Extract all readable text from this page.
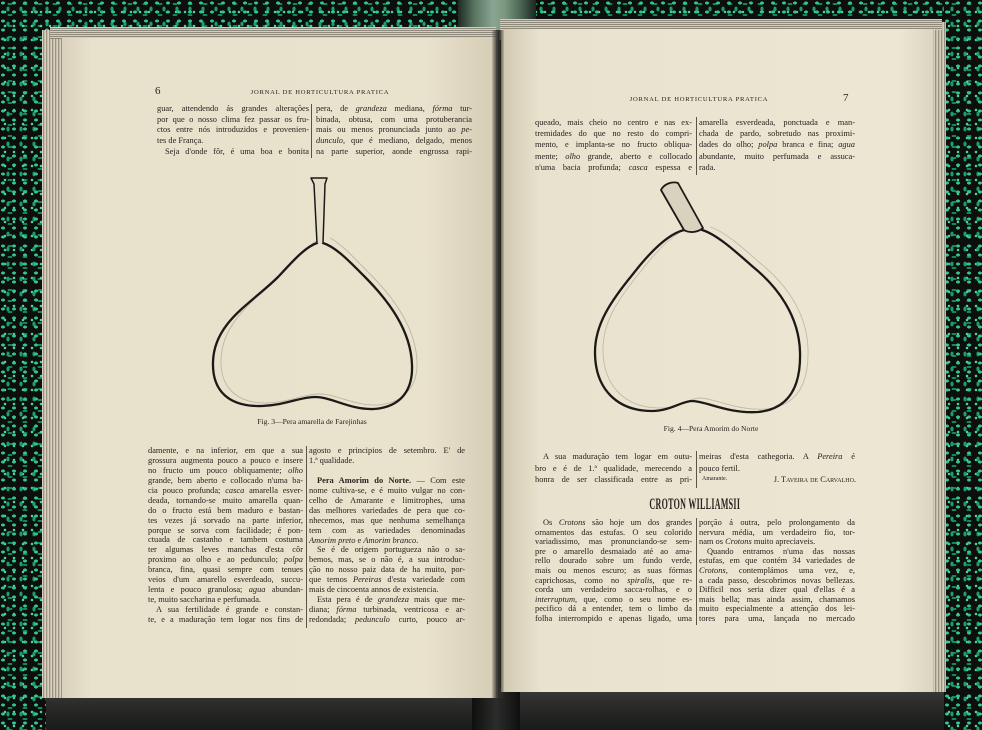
6	JORNAL DE HORTICULTURA PRATICA
guar, attendendo ás grandes alterações
por que o nosso clima fez passar os fru-
ctos entre nós introduzidos e provenien-
tes de França.
Seja d'onde fôr, é uma boa e bonita
pera, de grandeza mediana, fórma tur-
binada, obtusa, com uma protuberancia
mais ou menos pronunciada junto ao pe-
dunculo, que é mediano, delgado, menos
na parte superior, aonde engrossa rapi-
Fig. 3—Pera amarella de Farejinhas
damente, e na inferior, em que a sua
grossura augmenta pouco a pouco e insere
no fructo um pouco obliquamente; olho
grande, bem aberto e collocado n'uma ba-
cia pouco profunda; casca amarella esver-
deada, tornando-se muito amarella quan-
do o fructo está bem maduro e bastan-
tes vezes já sorvado na parte inferior,
porque se sorva com facilidade; é pon-
ctuada de castanho e tambem costuma
ter algumas leves manchas d'esta côr
proximo ao olho e ao pedunculo; polpa
branca, fina, quasi sempre com tenues
veios d'um amarello esverdeado, succu-
lenta e pouco granulosa; agua abundan-
te, muito saccharina e perfumada.
A sua fertilidade é grande e constan-
te, e a maduração tem logar nos fins de
agosto e principios de setembro. E' de
1.ª qualidade.
Pera Amorim do Norte. — Com este
nome cultiva-se, e é muito vulgar no con-
celho de Amarante e limitrophes, uma
das melhores variedades de pera que co-
nhecemos, mas que nenhuma semelhança
tem com as variedades denominadas
Amorim preto e Amorim branco.
Se é de origem portugueza não o sa-
bemos, mas, se o não é, a sua introduc-
ção no nosso paiz data de ha muito, por-
que temos Pereiras d'esta variedade com
mais de cincoenta annos de existencia.
Esta pera é de grandeza mais que me-
diana; fórma turbinada, ventricosa e ar-
redondada; pedunculo curto, pouco ar-
JORNAL DE HORTICULTURA PRATICA	7
queado, mais cheio no centro e nas ex-
tremidades do que no resto do compri-
mento, e implanta-se no fructo obliqua-
mente; olho grande, aberto e collocado
n'uma bacia profunda; casca espessa e
amarella esverdeada, ponctuada e man-
chada de pardo, sobretudo nas proximi-
dades do olho; polpa branca e fina; agua
abundante, muito perfumada e assuca-
rada.
Fig. 4—Pera Amorim do Norte
A sua maduração tem logar em outu-
bro e é de 1.ª qualidade, merecendo a
honra de ser classificada entre as pri-
meiras d'esta cathegoria. A Pereira é
pouco fertil.
Amarante.	J. Taveira de Carvalho.
CROTON WILLIAMSII
Os Crotons são hoje um dos grandes
ornamentos das estufas. O seu colorido
variadissimo, mas pronunciando-se sem-
pre o amarello desmaiado até ao ama-
rello dourado sobre um fundo verde,
mais ou menos escuro; as suas fórmas
caprichosas, como no spiralis, que re-
corda um verdadeiro sacca-rolhas, e o
interruptum, que, como o seu nome es-
pecifico dá a entender, tem o limbo da
folha interrompido e apenas ligado, uma
porção á outra, pelo prolongamento da
nervura média, um verdadeiro fio, tor-
nam os Crotons muito apreciaveis.
Quando entramos n'uma das nossas
estufas, em que contém 34 variedades de
Crotons, contemplámos uma vez, e,
a cada passo, descobrimos novas bellezas.
Difficil nos seria dizer qual d'ellas é a
mais bella; mas ainda assim, chamamos
muito especialmente a attenção dos lei-
tores para uma, lançada no mercado
